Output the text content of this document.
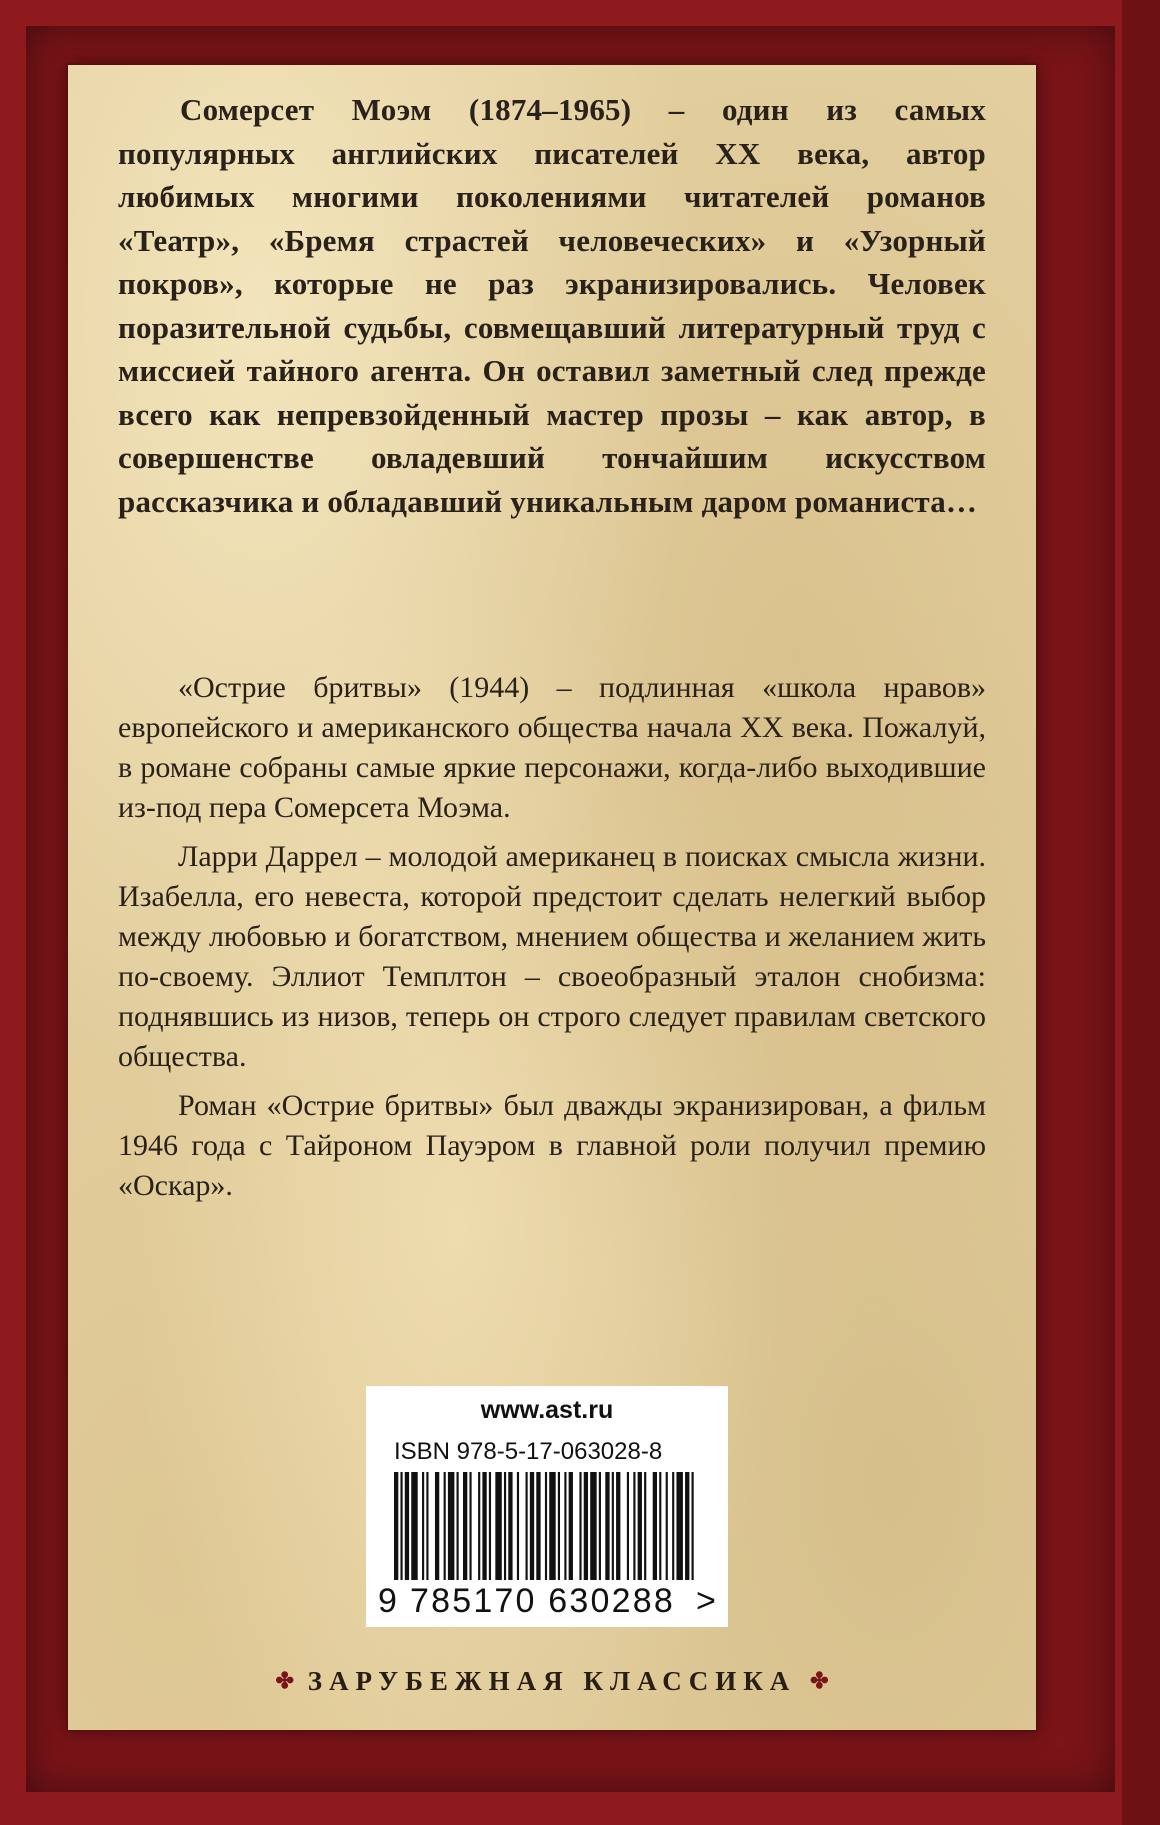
Сомерсет Моэм (1874–1965) – один из самых популярных английских писателей XX века, автор любимых многими поколениями читателей романов «Театр», «Бремя страстей человеческих» и «Узорный покров», которые не раз экранизировались. Человек поразительной судьбы, совмещавший литературный труд с миссией тайного агента. Он оставил заметный след прежде всего как непревзойденный мастер прозы – как автор, в совершенстве овладевший тончайшим искусством рассказчика и обладавший уникальным даром романиста…

«Острие бритвы» (1944) – подлинная «школа нравов» европейского и американского общества начала XX века. Пожалуй, в романе собраны самые яркие персонажи, когда-либо выходившие из-под пера Сомерсета Моэма.

Ларри Даррел – молодой американец в поисках смысла жизни. Изабелла, его невеста, которой предстоит сделать нелегкий выбор между любовью и богатством, мнением общества и желанием жить по-своему. Эллиот Темплтон – своеобразный эталон снобизма: поднявшись из низов, теперь он строго следует правилам светского общества.

Роман «Острие бритвы» был дважды экранизирован, а фильм 1946 года с Тайроном Пауэром в главной роли получил премию «Оскар».

www.ast.ru
ISBN 978-5-17-063028-8
9 785170 630288 >
✤ ЗАРУБЕЖНАЯ КЛАССИКА ✤
